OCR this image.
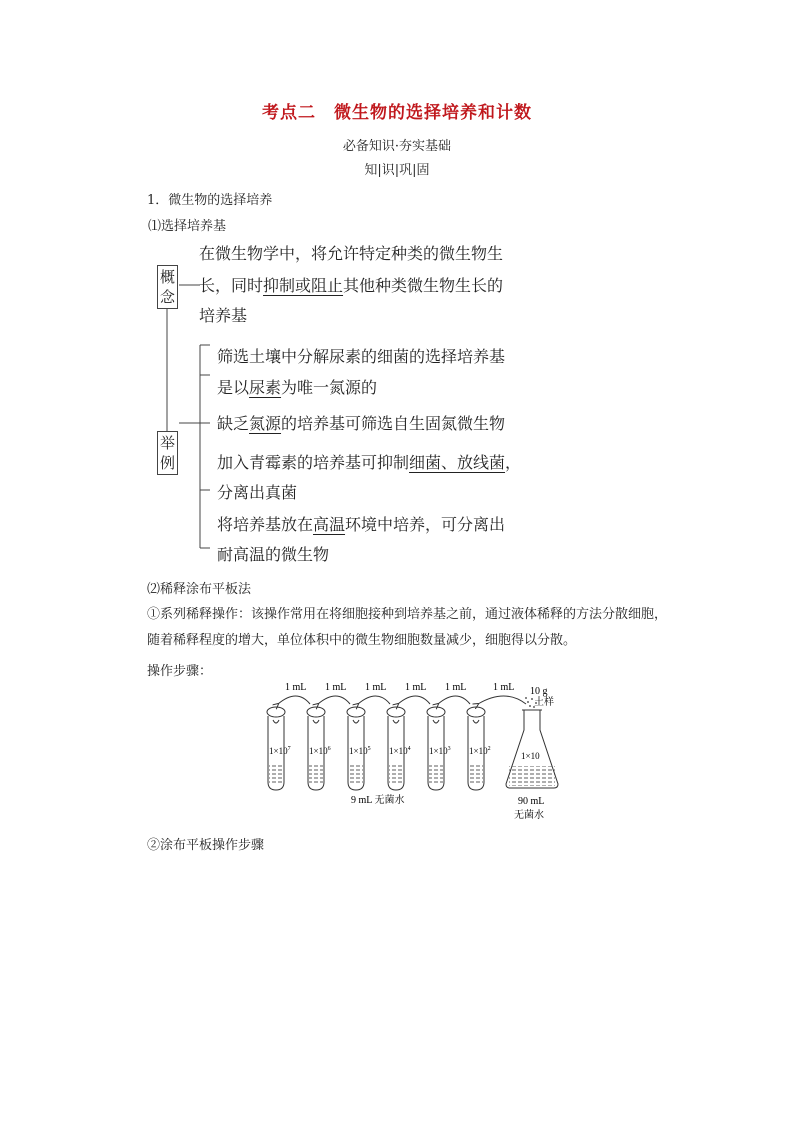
考点二　微生物的选择培养和计数
必备知识·夯实基础
知|识|巩|固
1．微生物的选择培养
⑴选择培养基
概
念
在微生物学中，将允许特定种类的微生物生
长，同时抑制或阻止其他种类微生物生长的
培养基
举
例
筛选土壤中分解尿素的细菌的选择培养基
是以尿素为唯一氮源的
缺乏氮源的培养基可筛选自生固氮微生物
加入青霉素的培养基可抑制细菌、放线菌，
分离出真菌
将培养基放在高温环境中培养，可分离出
耐高温的微生物
⑵稀释涂布平板法
①系列稀释操作：该操作常用在将细胞接种到培养基之前，通过液体稀释的方法分散细胞，随着稀释程度的增大，单位体积中的微生物细胞数量减少，细胞得以分散。
操作步骤：
$1\times 10^7$ $1\times 10^6$ $1\times 10^5$ $1\times 10^4$ $1\times 10^3$ $1\times 10^2$
1 mL 1 mL 1 mL 1 mL 1 mL	1 mL 10 g
土样
1×10
9 mL 无菌水	90 mL
无菌水
②涂布平板操作步骤
